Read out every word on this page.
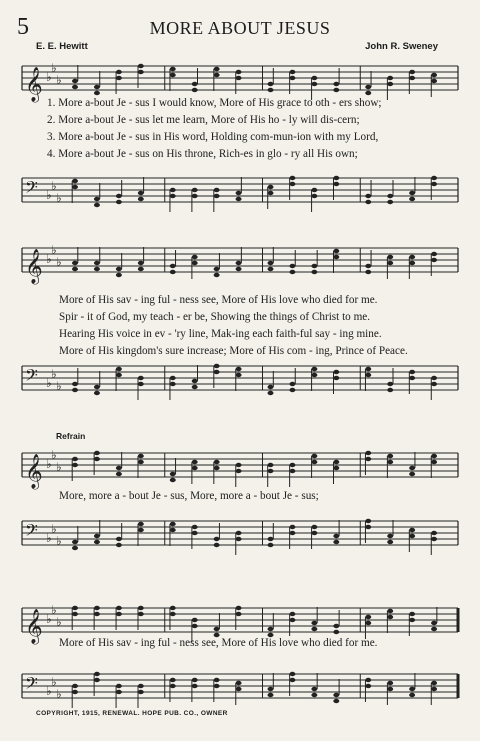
5	MORE ABOUT JESUS
E. E. Hewitt	John R. Sweney
𝄞 ♭
♭
♭
1. More a-bout Je - sus I would know, More of His grace to oth - ers show;
2. More a-bout Je - sus let me learn, More of His ho - ly will dis-cern;
3. More a-bout Je - sus in His word, Holding com-mun-ion with my Lord,
4. More a-bout Je - sus on His throne, Rich-es in glo - ry all His own;
𝄢 ♭
♭
♭
𝄞 ♭
♭
♭
More of His sav - ing ful - ness see, More of His love who died for me.
Spir - it of God, my teach - er be, Showing the things of Christ to me.
Hearing His voice in ev - 'ry line, Mak-ing each faith-ful say - ing mine.
More of His kingdom's sure increase; More of His com - ing, Prince of Peace.
𝄢 ♭
♭
♭
Refrain
𝄞 ♭
♭
♭
More, more a - bout Je - sus, More, more a - bout Je - sus;
𝄢 ♭
♭
♭
𝄞 ♭
♭
♭
More of His sav - ing ful - ness see, More of His love who died for me.
𝄢 ♭
♭
♭
COPYRIGHT, 1915, RENEWAL. HOPE PUB. CO., OWNER
